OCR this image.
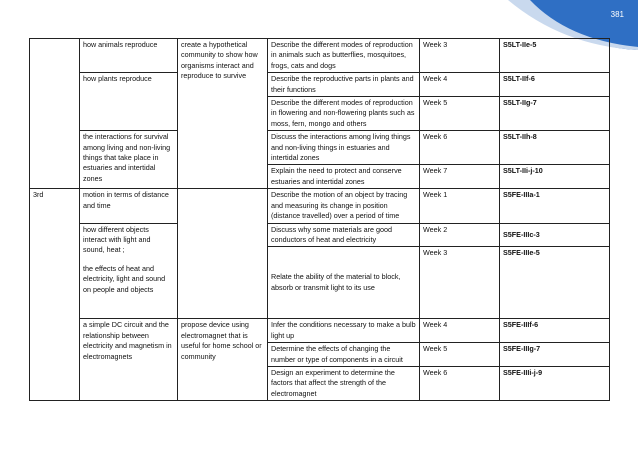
381
	how animals reproduce	create a hypothetical community to show how organisms interact and reproduce to survive	Describe the different modes of reproduction in animals such as butterflies, mosquitoes, frogs, cats and dogs	Week 3	S5LT-IIe-5
	how plants reproduce		Describe the reproductive parts in plants and their functions	Week 4	S5LT-IIf-6
			Describe the different modes of reproduction in flowering and non-flowering plants such as moss, fern, mongo and others	Week 5	S5LT-IIg-7
	the interactions for survival among living and non-living things that take place in estuaries and intertidal zones		Discuss the interactions among living things and non-living things in estuaries and intertidal zones	Week 6	S5LT-IIh-8
			Explain the need to protect and conserve estuaries and intertidal zones	Week 7	S5LT-IIi-j-10
3rd	motion in terms of distance and time		Describe the motion of an object by tracing and measuring its change in position (distance travelled) over a period of time	Week 1	S5FE-IIIa-1

	how different objects interact with light and sound, heat ;
the effects of heat and electricity, light and sound on people and objects		Discuss why some materials are good conductors of heat and electricity	Week 2	S5FE-IIIc-3
			Relate the ability of the material to block, absorb or transmit light to its use	Week 3	S5FE-IIIe-5
	a simple DC circuit and the relationship between electricity and magnetism in electromagnets	propose device using electromagnet that is useful for home school or community	Infer the conditions necessary to make a bulb light up	Week 4	S5FE-IIIf-6
			Determine the effects of changing the number or type of components in a circuit	Week 5	S5FE-IIIg-7
			Design an experiment to determine the factors that affect the strength of the electromagnet	Week 6	S5FE-IIIi-j-9
